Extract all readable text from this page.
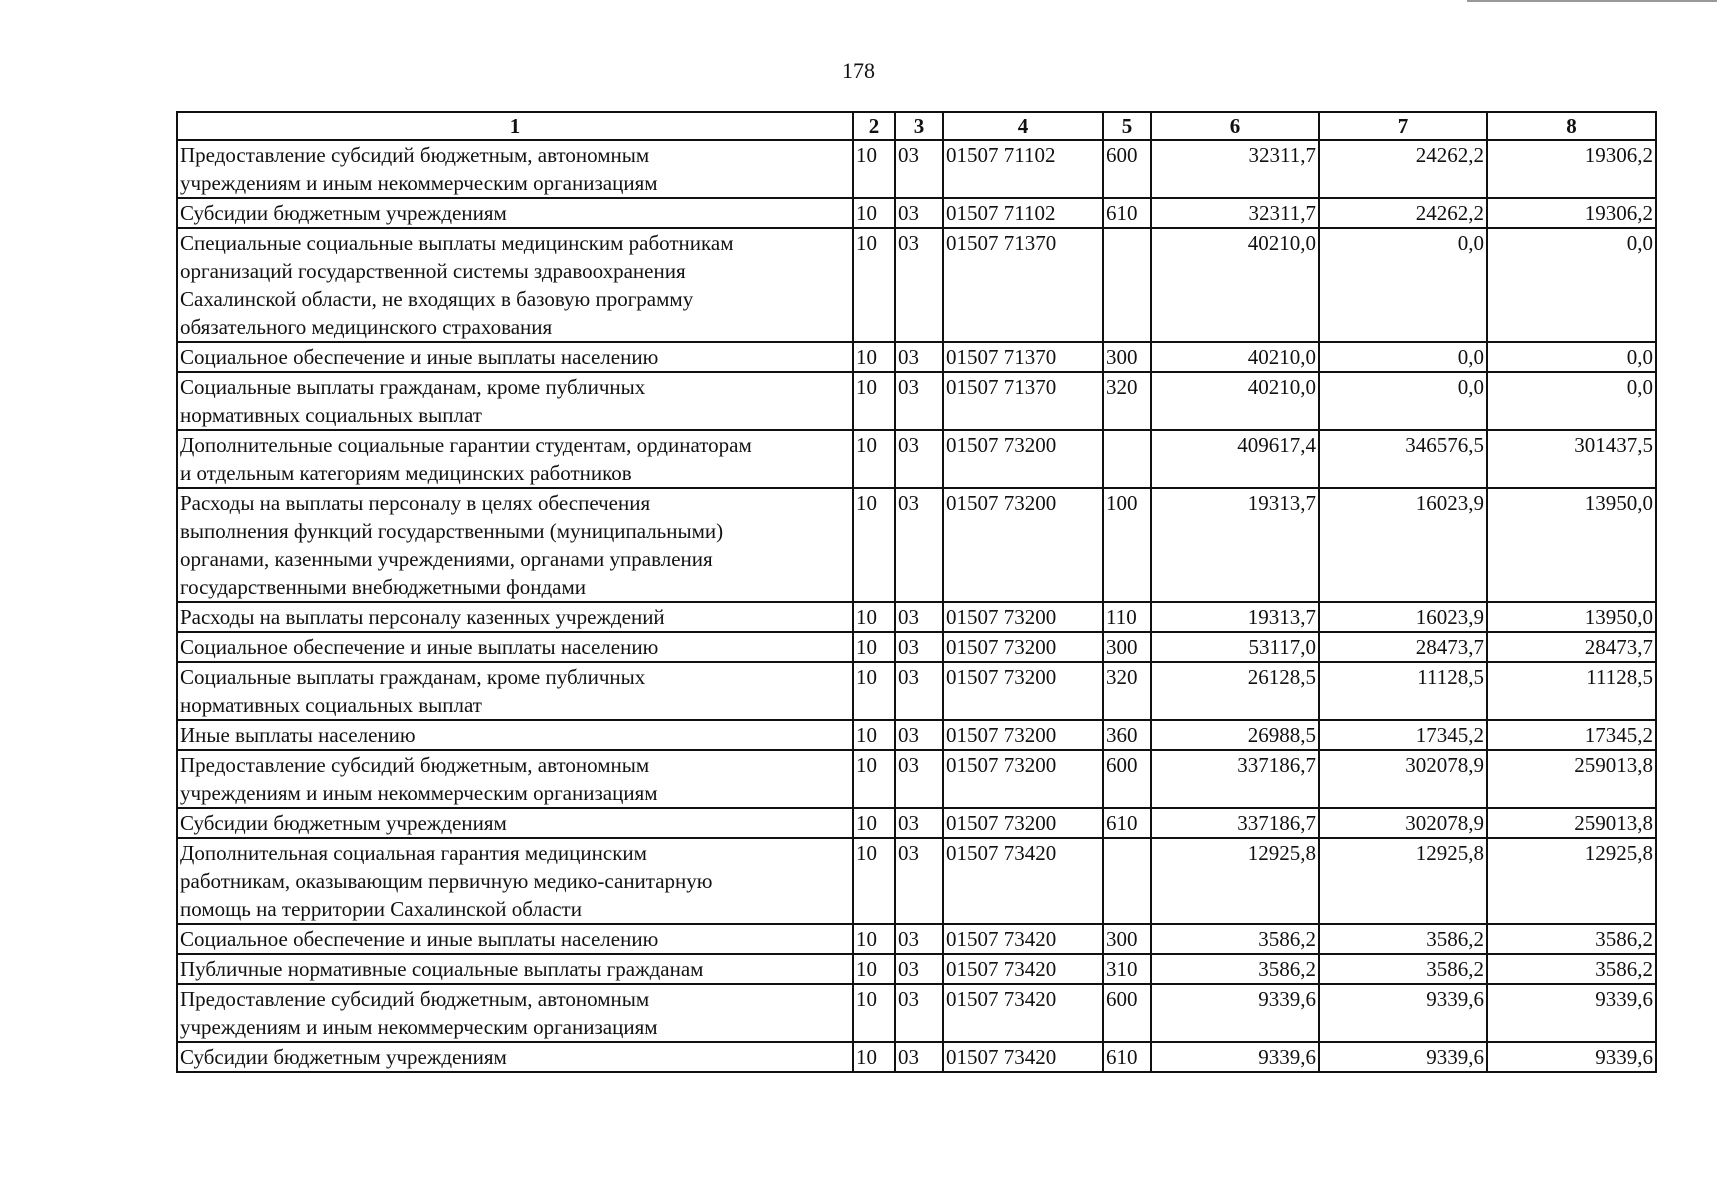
178
1	2	3	4	5	6	7	8
Предоставление субсидий бюджетным, автономным
учреждениям и иным некоммерческим организациям	10	03	01507 71102	600	32311,7	24262,2	19306,2
Субсидии бюджетным учреждениям	10	03	01507 71102	610	32311,7	24262,2	19306,2
Специальные социальные выплаты медицинским работникам
организаций государственной системы здравоохранения
Сахалинской области, не входящих в базовую программу
обязательного медицинского страхования	10	03	01507 71370		40210,0	0,0	0,0
Социальное обеспечение и иные выплаты населению	10	03	01507 71370	300	40210,0	0,0	0,0
Социальные выплаты гражданам, кроме публичных
нормативных социальных выплат	10	03	01507 71370	320	40210,0	0,0	0,0
Дополнительные социальные гарантии студентам, ординаторам
и отдельным категориям медицинских работников	10	03	01507 73200		409617,4	346576,5	301437,5
Расходы на выплаты персоналу в целях обеспечения
выполнения функций государственными (муниципальными)
органами, казенными учреждениями, органами управления
государственными внебюджетными фондами	10	03	01507 73200	100	19313,7	16023,9	13950,0
Расходы на выплаты персоналу казенных учреждений	10	03	01507 73200	110	19313,7	16023,9	13950,0
Социальное обеспечение и иные выплаты населению	10	03	01507 73200	300	53117,0	28473,7	28473,7
Социальные выплаты гражданам, кроме публичных
нормативных социальных выплат	10	03	01507 73200	320	26128,5	11128,5	11128,5
Иные выплаты населению	10	03	01507 73200	360	26988,5	17345,2	17345,2
Предоставление субсидий бюджетным, автономным
учреждениям и иным некоммерческим организациям	10	03	01507 73200	600	337186,7	302078,9	259013,8
Субсидии бюджетным учреждениям	10	03	01507 73200	610	337186,7	302078,9	259013,8
Дополнительная социальная гарантия медицинским
работникам, оказывающим первичную медико-санитарную
помощь на территории Сахалинской области	10	03	01507 73420		12925,8	12925,8	12925,8
Социальное обеспечение и иные выплаты населению	10	03	01507 73420	300	3586,2	3586,2	3586,2
Публичные нормативные социальные выплаты гражданам	10	03	01507 73420	310	3586,2	3586,2	3586,2
Предоставление субсидий бюджетным, автономным
учреждениям и иным некоммерческим организациям	10	03	01507 73420	600	9339,6	9339,6	9339,6
Субсидии бюджетным учреждениям	10	03	01507 73420	610	9339,6	9339,6	9339,6
